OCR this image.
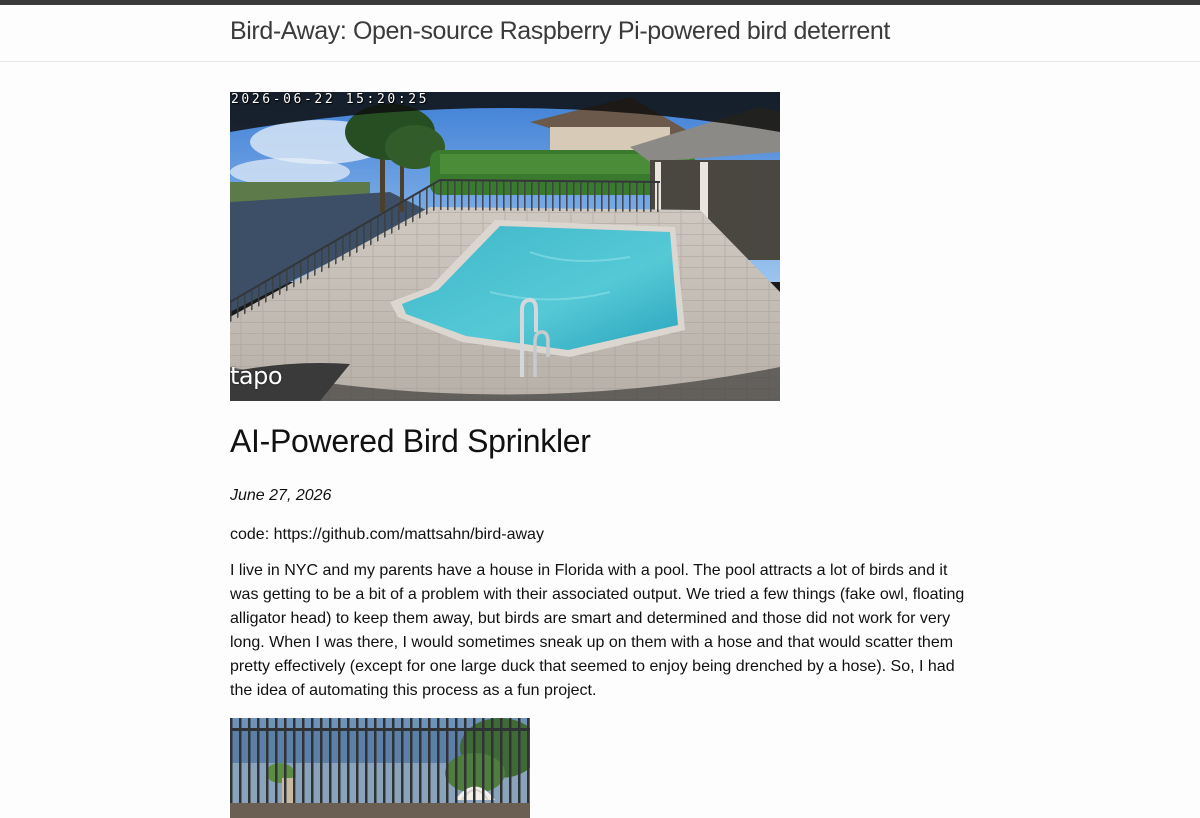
Bird-Away: Open-source Raspberry Pi-powered bird deterrent
2026-06-22 15:20:25
tapo
AI-Powered Bird Sprinkler

June 27, 2026

code: https://github.com/mattsahn/bird-away

I live in NYC and my parents have a house in Florida with a pool. The pool attracts a lot of birds and it was getting to be a bit of a problem with their associated output. We tried a few things (fake owl, floating alligator head) to keep them away, but birds are smart and determined and those did not work for very long. When I was there, I would sometimes sneak up on them with a hose and that would scatter them pretty effectively (except for one large duck that seemed to enjoy being drenched by a hose). So, I had the idea of automating this process as a fun project.
